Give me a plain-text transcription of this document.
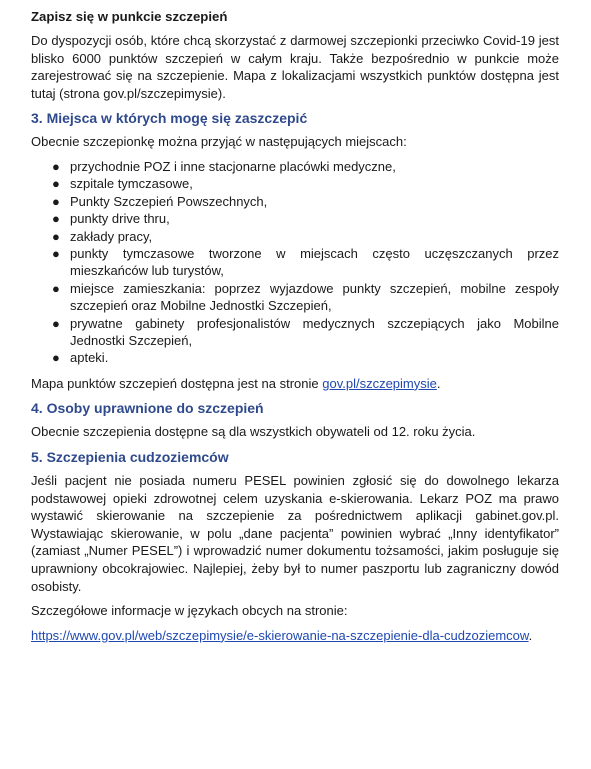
Zapisz się w punkcie szczepień

Do dyspozycji osób, które chcą skorzystać z darmowej szczepionki przeciwko Covid-19 jest blisko 6000 punktów szczepień w całym kraju. Także bezpośrednio w punkcie może zarejestrować się na szczepienie. Mapa z lokalizacjami wszystkich punktów dostępna jest tutaj (strona gov.pl/szczepimysie).

3. Miejsca w których mogę się zaszczepić

Obecnie szczepionkę można przyjąć w następujących miejscach:

● przychodnie POZ i inne stacjonarne placówki medyczne,
● szpitale tymczasowe,
● Punkty Szczepień Powszechnych,
● punkty drive thru,
● zakłady pracy,
● punkty tymczasowe tworzone w miejscach często uczęszczanych przez mieszkańców lub turystów,
● miejsce zamieszkania: poprzez wyjazdowe punkty szczepień, mobilne zespoły szczepień oraz Mobilne Jednostki Szczepień,
● prywatne gabinety profesjonalistów medycznych szczepiących jako Mobilne Jednostki Szczepień,
● apteki.

Mapa punktów szczepień dostępna jest na stronie gov.pl/szczepimysie.

4. Osoby uprawnione do szczepień

Obecnie szczepienia dostępne są dla wszystkich obywateli od 12. roku życia.

5. Szczepienia cudzoziemców

Jeśli pacjent nie posiada numeru PESEL powinien zgłosić się do dowolnego lekarza podstawowej opieki zdrowotnej celem uzyskania e-skierowania. Lekarz POZ ma prawo wystawić skierowanie na szczepienie za pośrednictwem aplikacji gabinet.gov.pl. Wystawiając skierowanie, w polu „dane pacjenta” powinien wybrać „Inny identyfikator” (zamiast „Numer PESEL”) i wprowadzić numer dokumentu tożsamości, jakim posługuje się uprawniony obcokrajowiec. Najlepiej, żeby był to numer paszportu lub zagraniczny dowód osobisty.

Szczegółowe informacje w językach obcych na stronie:

https://www.gov.pl/web/szczepimysie/e-skierowanie-na-szczepienie-dla-cudzoziemcow.
